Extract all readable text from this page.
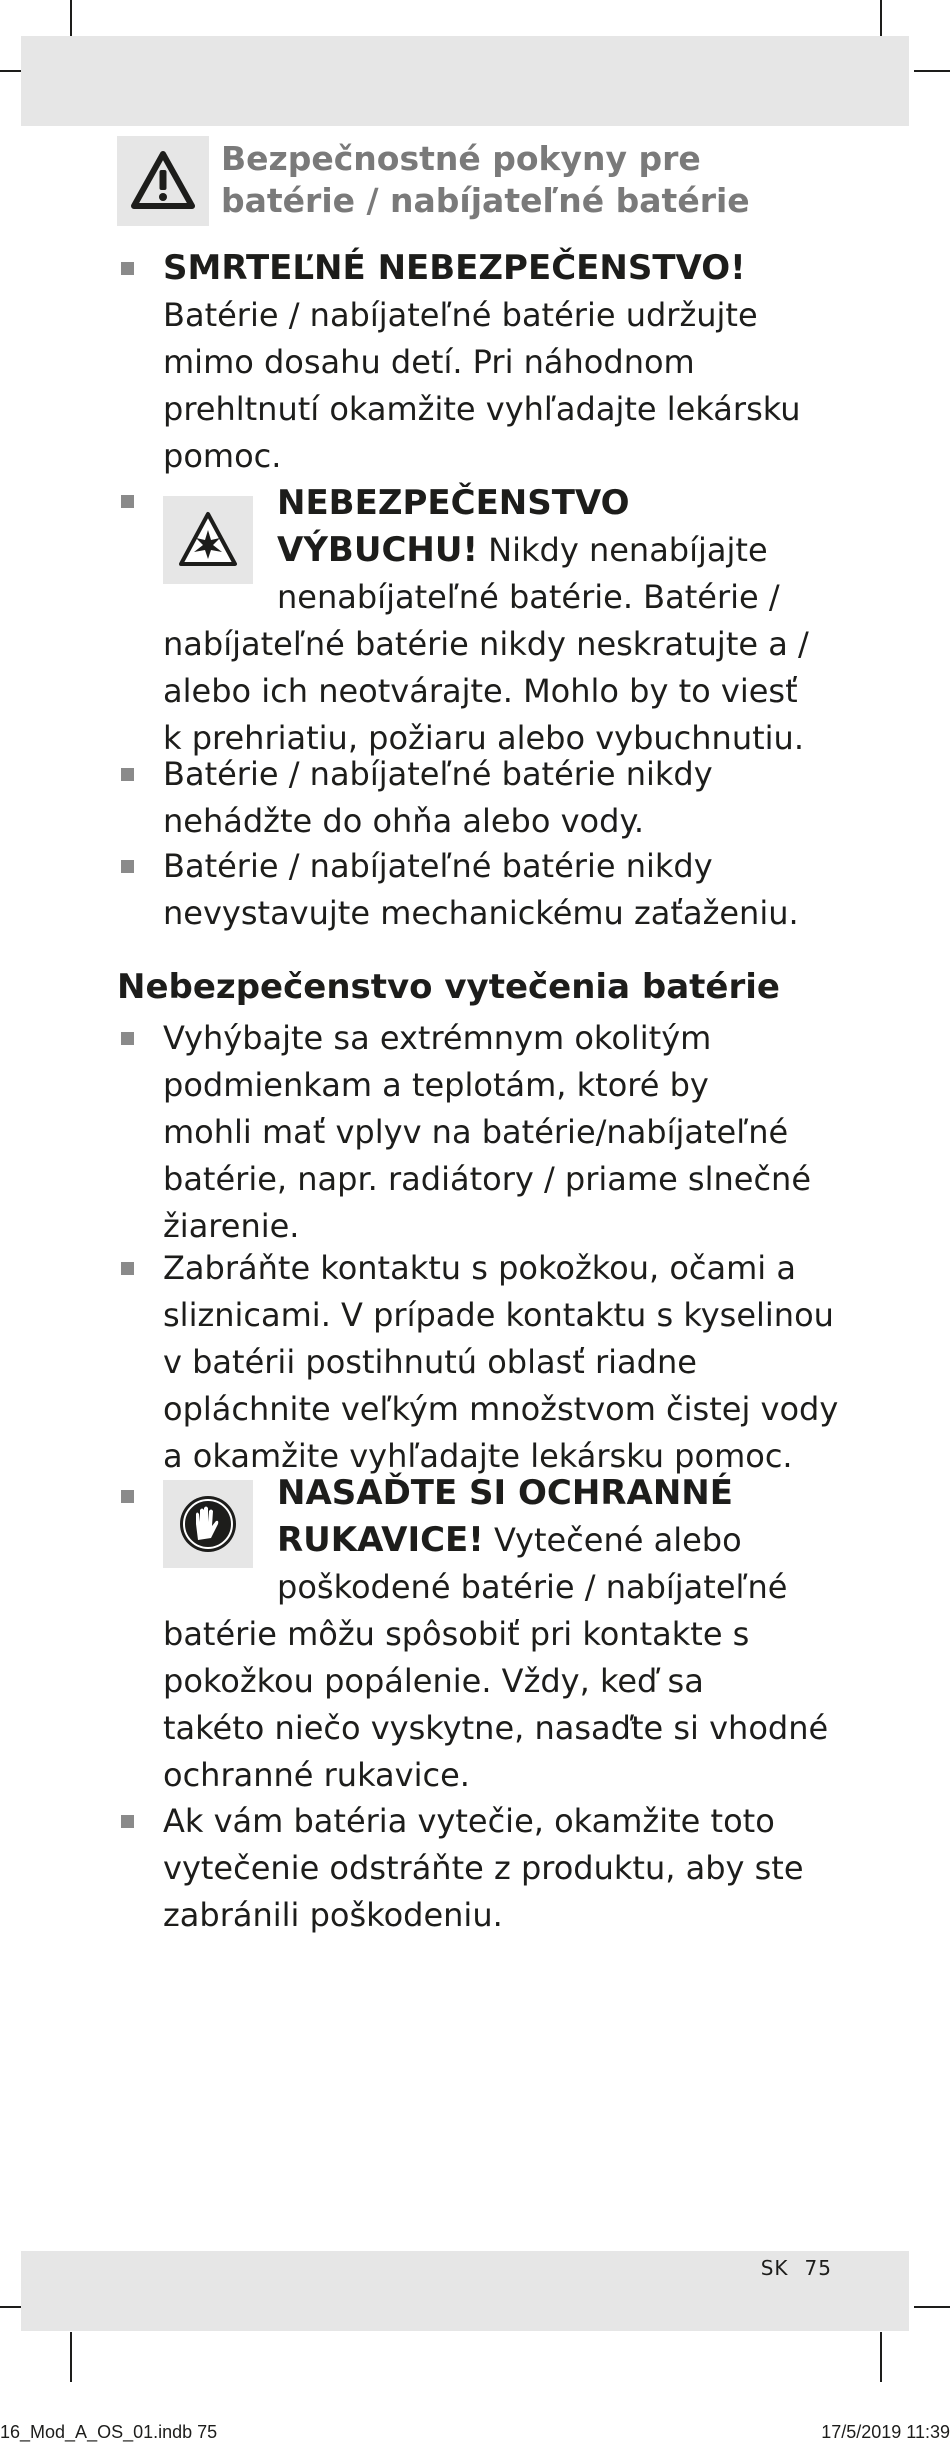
Bezpečnostné pokyny pre
batérie / nabíjateľné batérie
SMRTEĽNÉ NEBEZPEČENSTVO!
Batérie / nabíjateľné batérie udržujte
mimo dosahu detí. Pri náhodnom
prehltnutí okamžite vyhľadajte lekársku
pomoc.
NEBEZPEČENSTVO
VÝBUCHU! Nikdy nenabíjajte
nenabíjateľné batérie. Batérie /
nabíjateľné batérie nikdy neskratujte a /
alebo ich neotvárajte. Mohlo by to viesť
k prehriatiu, požiaru alebo vybuchnutiu.
Batérie / nabíjateľné batérie nikdy
nehádžte do ohňa alebo vody.
Batérie / nabíjateľné batérie nikdy
nevystavujte mechanickému zaťaženiu.
Nebezpečenstvo vytečenia batérie
Vyhýbajte sa extrémnym okolitým
podmienkam a teplotám, ktoré by
mohli mať vplyv na batérie/nabíjateľné
batérie, napr. radiátory / priame slnečné
žiarenie.
Zabráňte kontaktu s pokožkou, očami a
sliznicami. V prípade kontaktu s kyselinou
v batérii postihnutú oblasť riadne
opláchnite veľkým množstvom čistej vody
a okamžite vyhľadajte lekársku pomoc.
NASAĎTE SI OCHRANNÉ
RUKAVICE! Vytečené alebo
poškodené batérie / nabíjateľné
batérie môžu spôsobiť pri kontakte s
pokožkou popálenie. Vždy, keď sa
takéto niečo vyskytne, nasaďte si vhodné
ochranné rukavice.
Ak vám batéria vytečie, okamžite toto
vytečenie odstráňte z produktu, aby ste
zabránili poškodeniu.
SK 75
16_Mod_A_OS_01.indb 75	17/5/2019 11:39
